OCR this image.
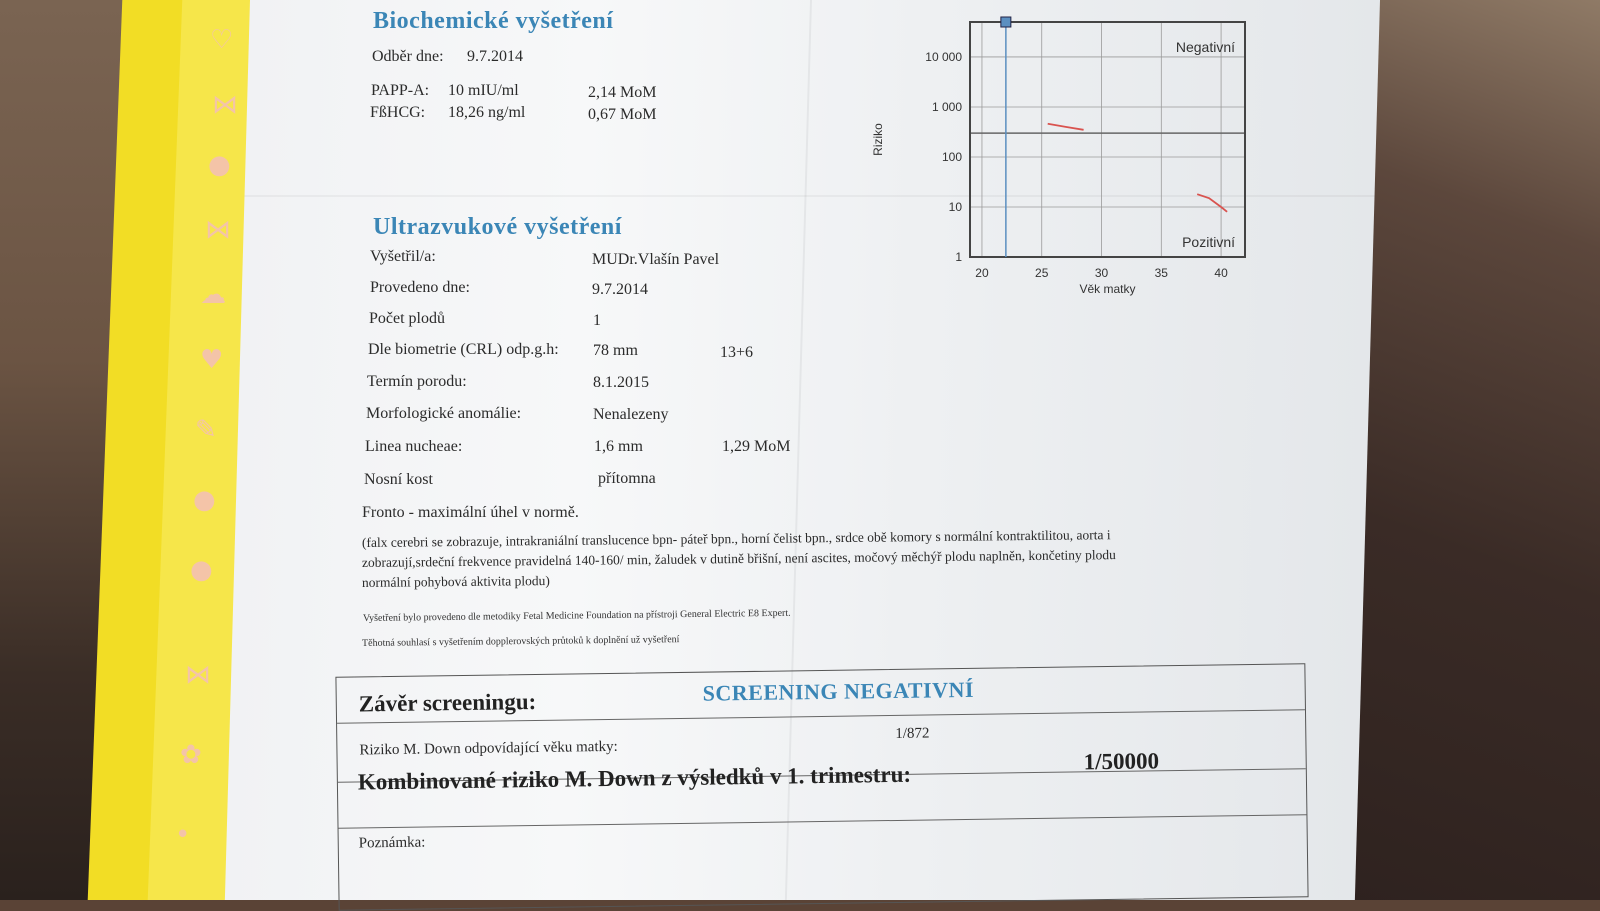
♡
⋈
●
⋈
☁
♥
✎
●
●
⋈
✿
•
Biochemické vyšetření
Odběr dne: 9.7.2014
PAPP-A: 10 mIU/ml	2,14 MoM
FßHCG: 18,26 ng/ml	0,67 MoM
Ultrazvukové vyšetření
Vyšetřil/a:	MUDr.Vlašín Pavel
Provedeno dne:	9.7.2014
Počet plodů	1
Dle biometrie (CRL) odp.g.h: 78 mm	13+6
Termín porodu:	8.1.2015
Morfologické anomálie:	Nenalezeny
Linea nucheae:	1,6 mm	1,29 MoM
Nosní kost	přítomna
Fronto - maximální úhel v normě.
(falx cerebri se zobrazuje, intrakraniální translucence bpn- páteř bpn., horní čelist bpn., srdce obě komory s normální kontraktilitou, aorta i
zobrazují,srdeční frekvence pravidelná 140-160/ min, žaludek v dutině břišní, není ascites, močový měchýř plodu naplněn, končetiny plodu
normální pohybová aktivita plodu)
Vyšetření bylo provedeno dle metodiky Fetal Medicine Foundation na přístroji General Electric E8 Expert.
Těhotná souhlasí s vyšetřením dopplerovských průtoků k doplnění už vyšetření
Závěr screeningu:	SCREENING NEGATIVNÍ
Riziko M. Down odpovídající věku matky:
1/872
Kombinované riziko M. Down z výsledků v 1. trimestru:
1/50000
Poznámka:
20	25	30	35	40
1
10
100
1 000
10 000
Negativní
Pozitivní
Věk matky
Riziko
